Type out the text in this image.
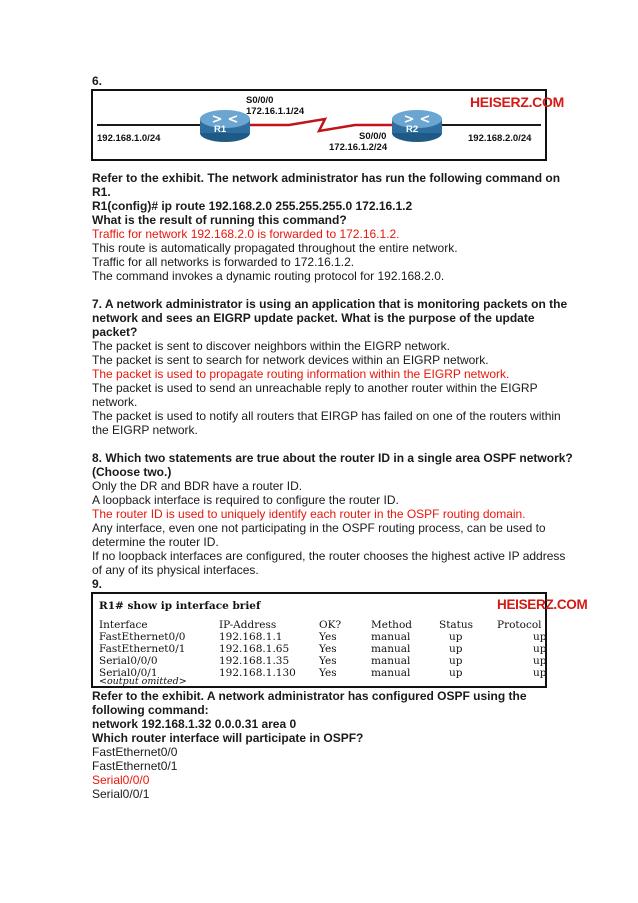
6.
R1	R2
S0/0/0
172.16.1.1/24
S0/0/0
172.16.1.2/24
192.168.1.0/24	192.168.2.0/24
HEISERZ.COM
Refer to the exhibit. The network administrator has run the following command on
R1.
R1(config)# ip route 192.168.2.0 255.255.255.0 172.16.1.2
What is the result of running this command?
Traffic for network 192.168.2.0 is forwarded to 172.16.1.2.
This route is automatically propagated throughout the entire network.
Traffic for all networks is forwarded to 172.16.1.2.
The command invokes a dynamic routing protocol for 192.168.2.0.
7. A network administrator is using an application that is monitoring packets on the
network and sees an EIGRP update packet. What is the purpose of the update
packet?
The packet is sent to discover neighbors within the EIGRP network.
The packet is sent to search for network devices within an EIGRP network.
The packet is used to propagate routing information within the EIGRP network.
The packet is used to send an unreachable reply to another router within the EIGRP
network.
The packet is used to notify all routers that EIRGP has failed on one of the routers within
the EIGRP network.
8. Which two statements are true about the router ID in a single area OSPF network?
(Choose two.)
Only the DR and BDR have a router ID.
A loopback interface is required to configure the router ID.
The router ID is used to uniquely identify each router in the OSPF routing domain.
Any interface, even one not participating in the OSPF routing process, can be used to
determine the router ID.
If no loopback interfaces are configured, the router chooses the highest active IP address
of any of its physical interfaces.
9.
R1# show ip interface brief	HEISERZ.COM
Interface	IP-Address	OK?	Method	Status Protocol
FastEthernet0/0	192.168.1.1	Yes	manual	up	up
FastEthernet0/1	192.168.1.65	Yes	manual	up	up
Serial0/0/0	192.168.1.35	Yes	manual	up	up
Serial0/0/1	192.168.1.130 Yes	manual	up	up
<output omitted>
Refer to the exhibit. A network administrator has configured OSPF using the
following command:
network 192.168.1.32 0.0.0.31 area 0
Which router interface will participate in OSPF?
FastEthernet0/0
FastEthernet0/1
Serial0/0/0
Serial0/0/1
